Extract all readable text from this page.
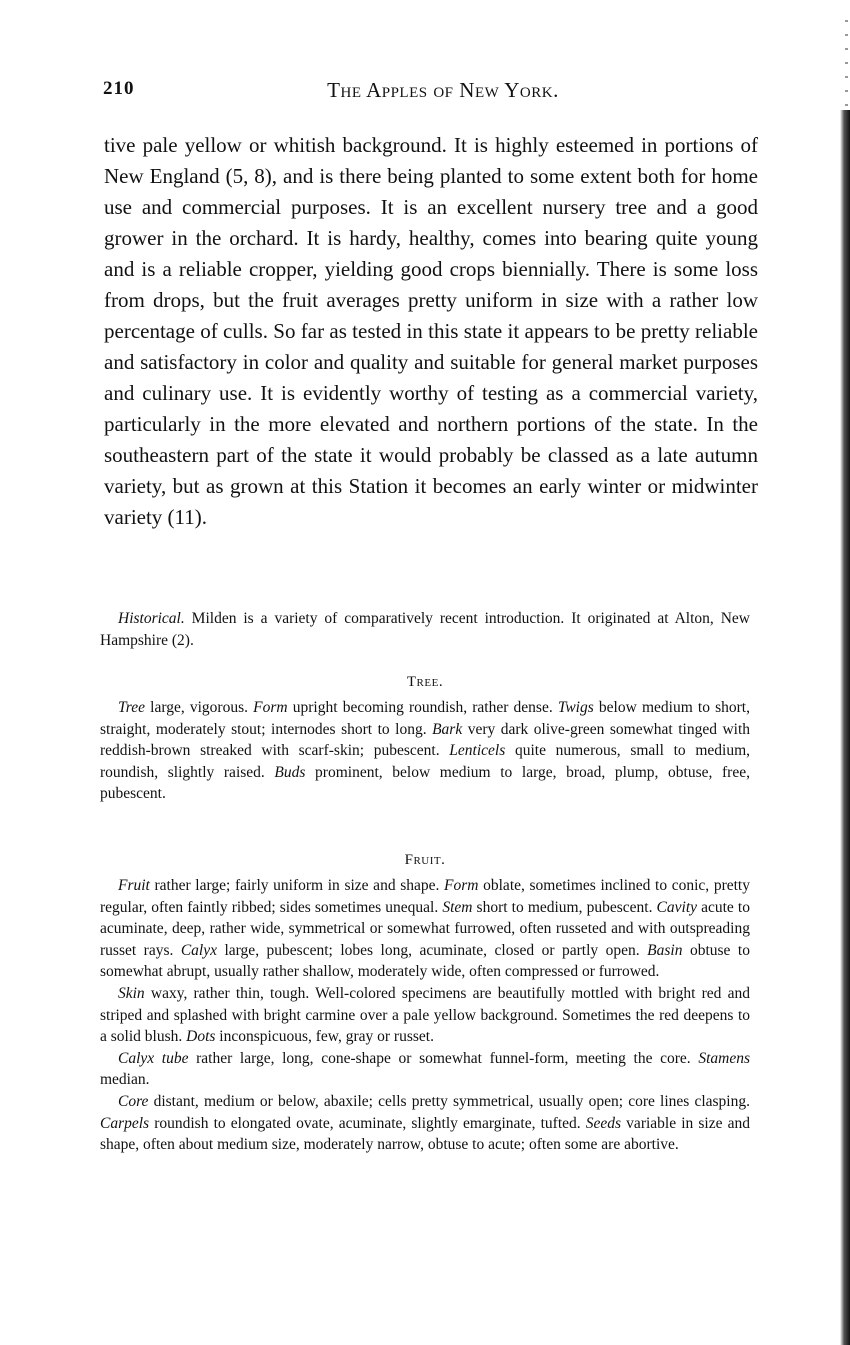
210	The Apples of New York.

tive pale yellow or whitish background. It is highly esteemed in portions of New England (5, 8), and is there being planted to some extent both for home use and commercial purposes. It is an excellent nursery tree and a good grower in the orchard. It is hardy, healthy, comes into bearing quite young and is a reliable cropper, yielding good crops biennially. There is some loss from drops, but the fruit averages pretty uniform in size with a rather low percentage of culls. So far as tested in this state it appears to be pretty reliable and satisfactory in color and quality and suitable for general market purposes and culinary use. It is evidently worthy of testing as a commercial variety, particularly in the more elevated and northern portions of the state. In the southeastern part of the state it would probably be classed as a late autumn variety, but as grown at this Station it becomes an early winter or midwinter variety (11).

Historical. Milden is a variety of comparatively recent introduction. It originated at Alton, New Hampshire (2).

Tree.

Tree large, vigorous. Form upright becoming roundish, rather dense. Twigs below medium to short, straight, moderately stout; internodes short to long. Bark very dark olive-green somewhat tinged with reddish-brown streaked with scarf-skin; pubescent. Lenticels quite numerous, small to medium, roundish, slightly raised. Buds prominent, below medium to large, broad, plump, obtuse, free, pubescent.

Fruit.

Fruit rather large; fairly uniform in size and shape. Form oblate, sometimes inclined to conic, pretty regular, often faintly ribbed; sides sometimes unequal. Stem short to medium, pubescent. Cavity acute to acuminate, deep, rather wide, symmetrical or somewhat furrowed, often russeted and with outspreading russet rays. Calyx large, pubescent; lobes long, acuminate, closed or partly open. Basin obtuse to somewhat abrupt, usually rather shallow, moderately wide, often compressed or furrowed.

Skin waxy, rather thin, tough. Well-colored specimens are beautifully mottled with bright red and striped and splashed with bright carmine over a pale yellow background. Sometimes the red deepens to a solid blush. Dots inconspicuous, few, gray or russet.

Calyx tube rather large, long, cone-shape or somewhat funnel-form, meeting the core. Stamens median.

Core distant, medium or below, abaxile; cells pretty symmetrical, usually open; core lines clasping. Carpels roundish to elongated ovate, acuminate, slightly emarginate, tufted. Seeds variable in size and shape, often about medium size, moderately narrow, obtuse to acute; often some are abortive.
